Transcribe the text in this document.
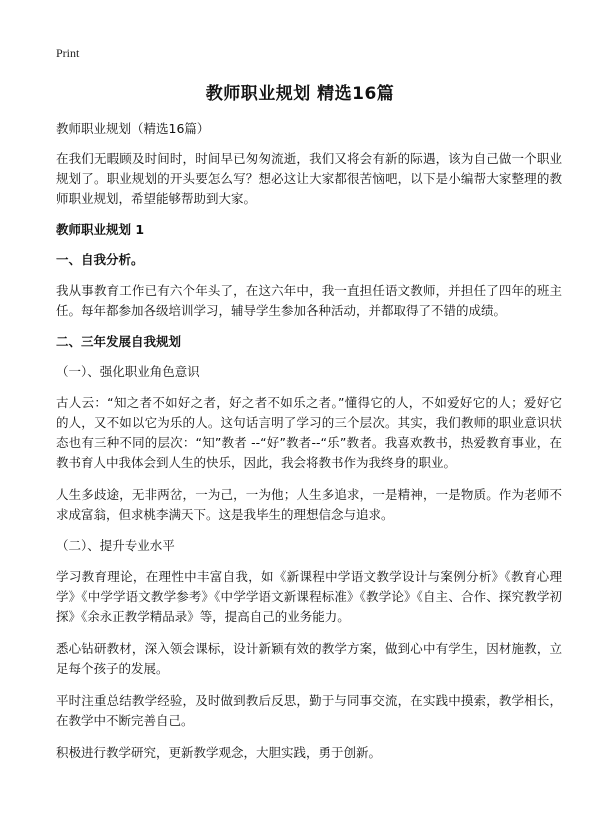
Print
教师职业规划 精选16篇
教师职业规划（精选16篇）

在我们无暇顾及时间时，时间早已匆匆流逝，我们又将会有新的际遇，该为自己做一个职业规划了。职业规划的开头要怎么写？想必这让大家都很苦恼吧，以下是小编帮大家整理的教师职业规划，希望能够帮助到大家。

教师职业规划 1
一、自我分析。

我从事教育工作已有六个年头了，在这六年中，我一直担任语文教师，并担任了四年的班主任。每年都参加各级培训学习，辅导学生参加各种活动，并都取得了不错的成绩。

二、三年发展自我规划
（一）、强化职业角色意识

古人云：“知之者不如好之者，好之者不如乐之者。”懂得它的人，不如爱好它的人；爱好它的人，又不如以它为乐的人。这句话言明了学习的三个层次。其实，我们教师的职业意识状态也有三种不同的层次：“知”教者 --“好”教者--“乐”教者。我喜欢教书，热爱教育事业，在教书育人中我体会到人生的快乐，因此，我会将教书作为我终身的职业。

人生多歧途，无非两岔，一为己，一为他；人生多追求，一是精神，一是物质。作为老师不求成富翁，但求桃李满天下。这是我毕生的理想信念与追求。

（二）、提升专业水平

学习教育理论，在理性中丰富自我，如《新课程中学语文教学设计与案例分析》《教育心理学》《中学学语文教学参考》《中学学语文新课程标准》《教学论》《自主、合作、探究教学初探》《余永正教学精品录》等，提高自己的业务能力。

悉心钻研教材，深入领会课标，设计新颖有效的教学方案，做到心中有学生，因材施教，立足每个孩子的发展。

平时注重总结教学经验，及时做到教后反思，勤于与同事交流，在实践中摸索，教学相长，在教学中不断完善自己。

积极进行教学研究，更新教学观念，大胆实践，勇于创新。
